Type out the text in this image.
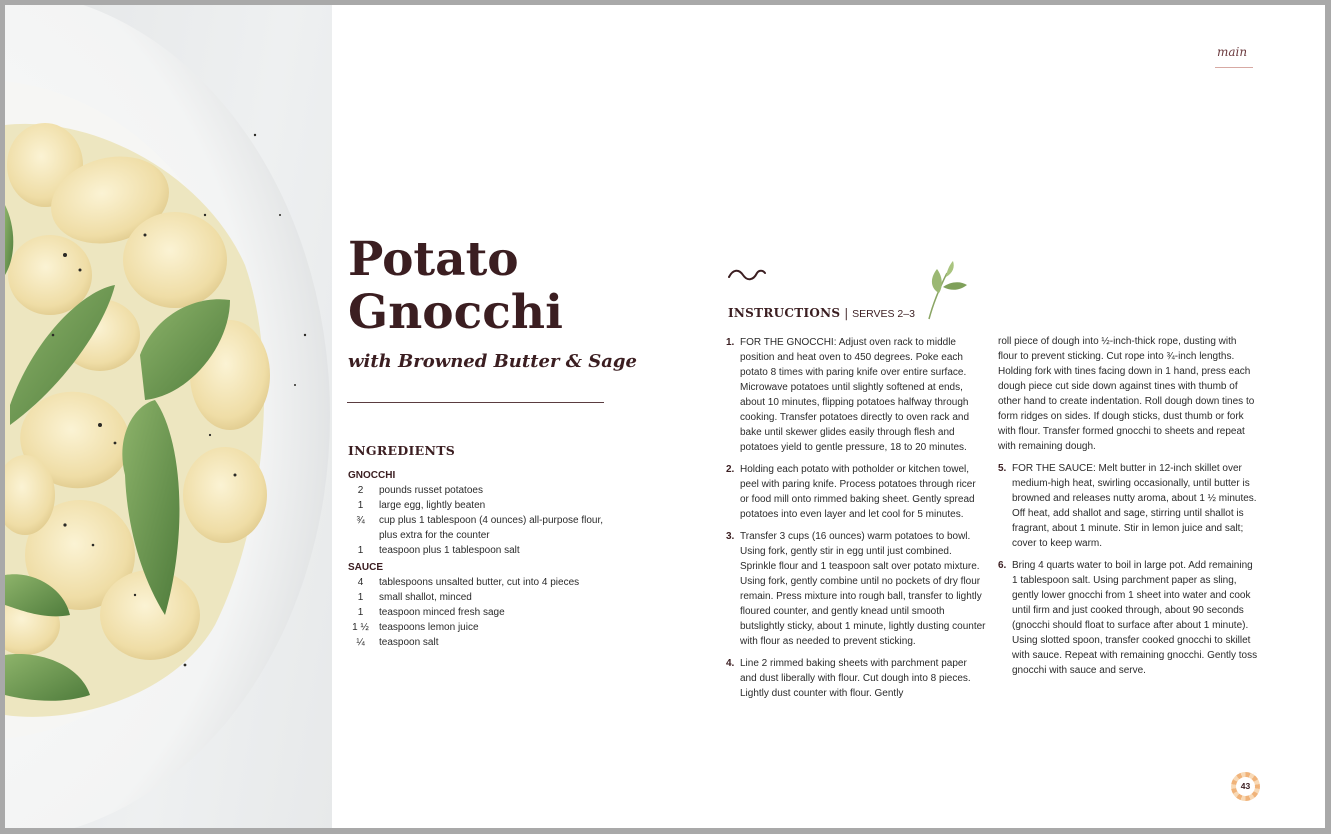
Potato
Gnocchi
with Browned Butter & Sage
INGREDIENTS
GNOCCHI
2	pounds russet potatoes
1	large egg, lightly beaten
¾	cup plus 1 tablespoon (4 ounces) all-purpose flour, plus extra for the counter
1	teaspoon plus 1 tablespoon salt
SAUCE
4	tablespoons unsalted butter, cut into 4 pieces
1	small shallot, minced
1	teaspoon minced fresh sage
1 ½	teaspoons lemon juice
¼	teaspoon salt
INSTRUCTIONS | SERVES 2–3
1. FOR THE GNOCCHI: Adjust oven rack to middle position and heat oven to 450 degrees. Poke each potato 8 times with paring knife over entire surface. Microwave potatoes until slightly softened at ends, about 10 minutes, flipping potatoes halfway through cooking. Transfer potatoes directly to oven rack and bake until skewer glides easily through flesh and potatoes yield to gentle pressure, 18 to 20 minutes.
2. Holding each potato with potholder or kitchen towel, peel with paring knife. Process potatoes through ricer or food mill onto rimmed baking sheet. Gently spread potatoes into even layer and let cool for 5 minutes.
3. Transfer 3 cups (16 ounces) warm potatoes to bowl. Using fork, gently stir in egg until just combined. Sprinkle flour and 1 teaspoon salt over potato mixture. Using fork, gently combine until no pockets of dry flour remain. Press mixture into rough ball, transfer to lightly floured counter, and gently knead until smooth butslightly sticky, about 1 minute, lightly dusting counter with flour as needed to prevent sticking.
4. Line 2 rimmed baking sheets with parchment paper and dust liberally with flour. Cut dough into 8 pieces. Lightly dust counter with flour. Gently
roll piece of dough into ½-inch-thick rope, dusting with flour to prevent sticking. Cut rope into ¾-inch lengths. Holding fork with tines facing down in 1 hand, press each dough piece cut side down against tines with thumb of other hand to create indentation. Roll dough down tines to form ridges on sides. If dough sticks, dust thumb or fork with flour. Transfer formed gnocchi to sheets and repeat with remaining dough.
5. FOR THE SAUCE: Melt butter in 12-inch skillet over medium-high heat, swirling occasionally, until butter is browned and releases nutty aroma, about 1 ½ minutes. Off heat, add shallot and sage, stirring until shallot is fragrant, about 1 minute. Stir in lemon juice and salt; cover to keep warm.
6. Bring 4 quarts water to boil in large pot. Add remaining 1 tablespoon salt. Using parchment paper as sling, gently lower gnocchi from 1 sheet into water and cook until firm and just cooked through, about 90 seconds (gnocchi should float to surface after about 1 minute). Using slotted spoon, transfer cooked gnocchi to skillet with sauce. Repeat with remaining gnocchi. Gently toss gnocchi with sauce and serve.
main
43
